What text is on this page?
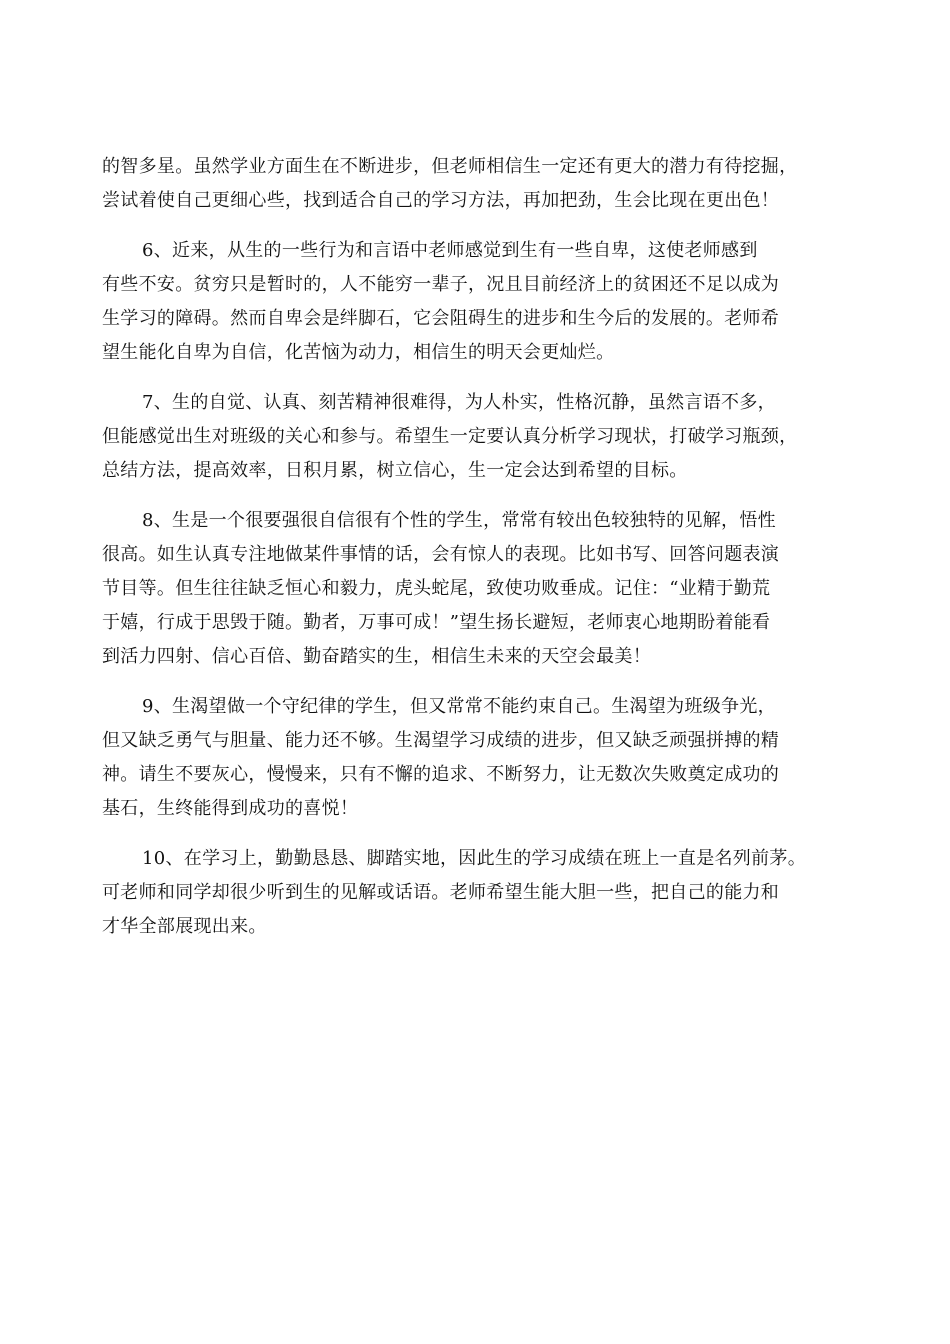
的智多星。虽然学业方面生在不断进步，但老师相信生一定还有更大的潜力有待挖掘，
尝试着使自己更细心些，找到适合自己的学习方法，再加把劲，生会比现在更出色！
6、近来，从生的一些行为和言语中老师感觉到生有一些自卑，这使老师感到
有些不安。贫穷只是暂时的，人不能穷一辈子，况且目前经济上的贫困还不足以成为
生学习的障碍。然而自卑会是绊脚石，它会阻碍生的进步和生今后的发展的。老师希
望生能化自卑为自信，化苦恼为动力，相信生的明天会更灿烂。
7、生的自觉、认真、刻苦精神很难得，为人朴实，性格沉静，虽然言语不多，
但能感觉出生对班级的关心和参与。希望生一定要认真分析学习现状，打破学习瓶颈，
总结方法，提高效率，日积月累，树立信心，生一定会达到希望的目标。
8、生是一个很要强很自信很有个性的学生，常常有较出色较独特的见解，悟性
很高。如生认真专注地做某件事情的话，会有惊人的表现。比如书写、回答问题表演
节目等。但生往往缺乏恒心和毅力，虎头蛇尾，致使功败垂成。记住：“业精于勤荒
于嬉，行成于思毁于随。勤者，万事可成！”望生扬长避短，老师衷心地期盼着能看
到活力四射、信心百倍、勤奋踏实的生，相信生未来的天空会最美！
9、生渴望做一个守纪律的学生，但又常常不能约束自己。生渴望为班级争光，
但又缺乏勇气与胆量、能力还不够。生渴望学习成绩的进步，但又缺乏顽强拼搏的精
神。请生不要灰心，慢慢来，只有不懈的追求、不断努力，让无数次失败奠定成功的
基石，生终能得到成功的喜悦！
10、在学习上，勤勤恳恳、脚踏实地，因此生的学习成绩在班上一直是名列前茅。
可老师和同学却很少听到生的见解或话语。老师希望生能大胆一些，把自己的能力和
才华全部展现出来。
